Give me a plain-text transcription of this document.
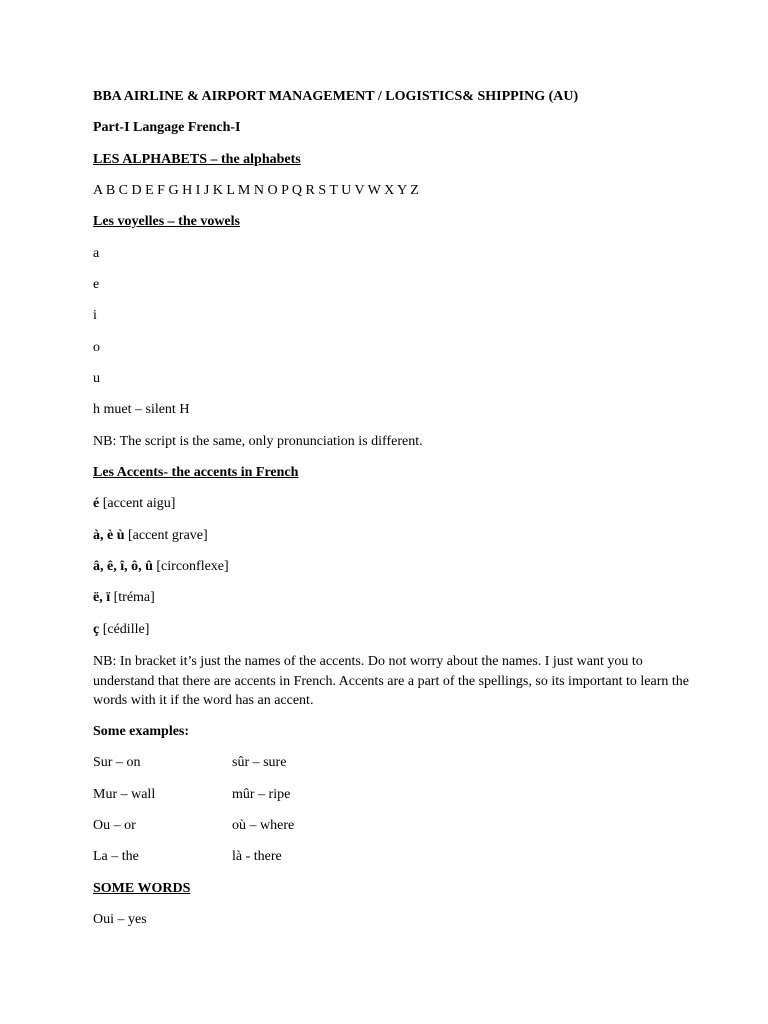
BBA AIRLINE & AIRPORT MANAGEMENT / LOGISTICS& SHIPPING (AU)
Part-I Langage French-I
LES ALPHABETS – the alphabets
A B C D E F G H I J K L M N O P Q R S T U V W X Y Z
Les voyelles – the vowels
a
e
i
o
u
h muet – silent H
NB: The script is the same, only pronunciation is different.
Les Accents- the accents in French
é [accent aigu]
à, è ù [accent grave]
â, ê, î, ô, û [circonflexe]
ë, ï [tréma]
ç [cédille]
NB: In bracket it’s just the names of the accents. Do not worry about the names. I just want you to understand that there are accents in French. Accents are a part of the spellings, so its important to learn the words with it if the word has an accent.
Some examples:
Sur – on	sûr – sure
Mur – wall	mûr – ripe
Ou – or	où – where
La – the	là - there
SOME WORDS
Oui – yes
